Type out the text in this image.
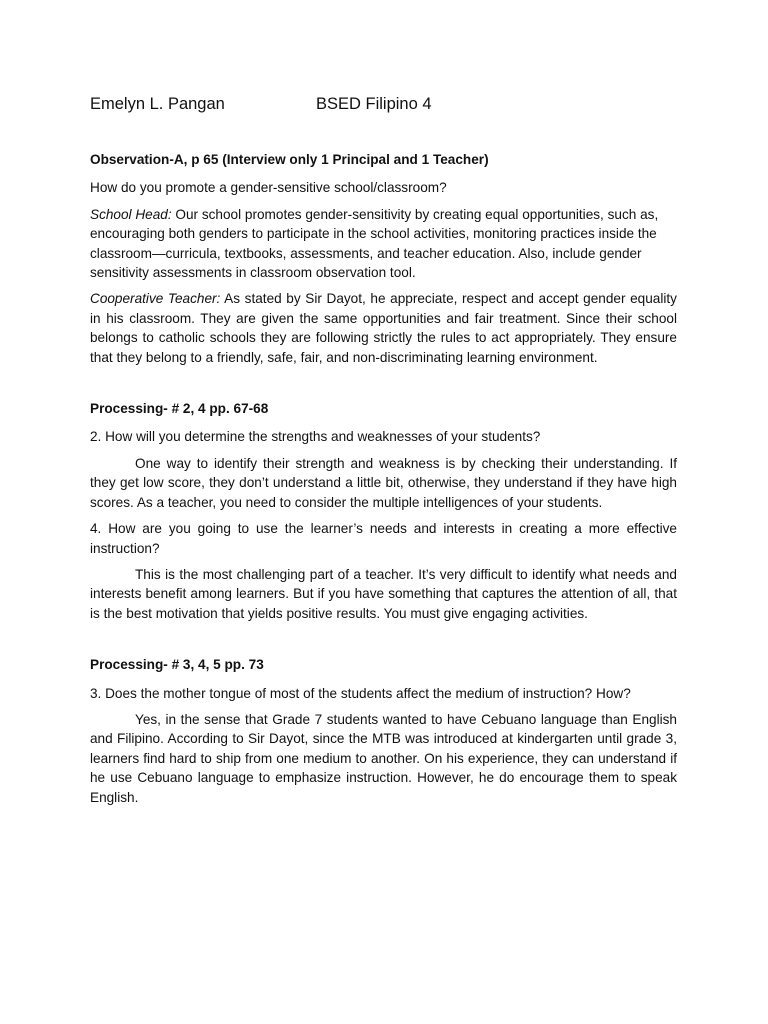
Emelyn L. Pangan	BSED Filipino 4
Observation-A, p 65 (Interview only 1 Principal and 1 Teacher)

How do you promote a gender-sensitive school/classroom?

School Head: Our school promotes gender-sensitivity by creating equal opportunities, such as, encouraging both genders to participate in the school activities, monitoring practices inside the classroom—curricula, textbooks, assessments, and teacher education. Also, include gender sensitivity assessments in classroom observation tool.

Cooperative Teacher: As stated by Sir Dayot, he appreciate, respect and accept gender equality in his classroom. They are given the same opportunities and fair treatment. Since their school belongs to catholic schools they are following strictly the rules to act appropriately. They ensure that they belong to a friendly, safe, fair, and non-discriminating learning environment.

Processing- # 2, 4 pp. 67-68

2. How will you determine the strengths and weaknesses of your students?

One way to identify their strength and weakness is by checking their understanding. If they get low score, they don’t understand a little bit, otherwise, they understand if they have high scores. As a teacher, you need to consider the multiple intelligences of your students.

4. How are you going to use the learner’s needs and interests in creating a more effective instruction?

This is the most challenging part of a teacher. It’s very difficult to identify what needs and interests benefit among learners. But if you have something that captures the attention of all, that is the best motivation that yields positive results. You must give engaging activities.

Processing- # 3, 4, 5 pp. 73

3. Does the mother tongue of most of the students affect the medium of instruction? How?

Yes, in the sense that Grade 7 students wanted to have Cebuano language than English and Filipino. According to Sir Dayot, since the MTB was introduced at kindergarten until grade 3, learners find hard to ship from one medium to another. On his experience, they can understand if he use Cebuano language to emphasize instruction. However, he do encourage them to speak English.
